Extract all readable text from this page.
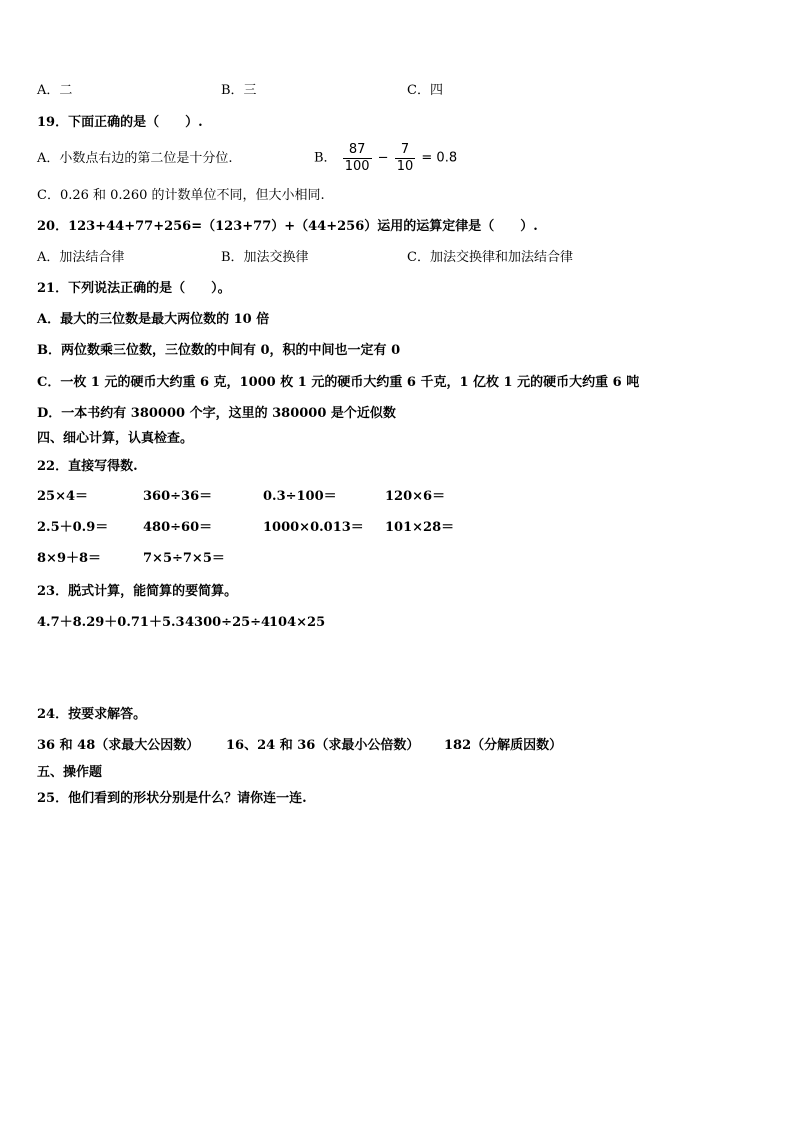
A．二	B．三	C．四
19．下面正确的是（　　）.
A．小数点右边的第二位是十分位.	B． $\frac{87}{100} - \frac{7}{10} = 0.8$
C．0.26 和 0.260 的计数单位不同，但大小相同.
20．123+44+77+256=（123+77）+（44+256）运用的运算定律是（　　）.
A．加法结合律	B．加法交换律	C．加法交换律和加法结合律
21．下列说法正确的是（　　）。
A．最大的三位数是最大两位数的 10 倍
B．两位数乘三位数，三位数的中间有 0，积的中间也一定有 0
C．一枚 1 元的硬币大约重 6 克，1000 枚 1 元的硬币大约重 6 千克，1 亿枚 1 元的硬币大约重 6 吨
D．一本书约有 380000 个字，这里的 380000 是个近似数
四、细心计算，认真检查。
22．直接写得数.
25×4＝	360÷36＝	0.3÷100＝	120×6＝
2.5＋0.9＝	480÷60＝	1000×0.013＝ 101×28＝
8×9＋8＝	7×5÷7×5＝
23．脱式计算，能简算的要简算。
4.7＋8.29＋0.71＋5.3 4300÷25÷4
104×25
24．按要求解答。
36 和 48（求最大公因数） 16、24 和 36（求最小公倍数） 182（分解质因数）
五、操作题
25．他们看到的形状分别是什么？请你连一连.
